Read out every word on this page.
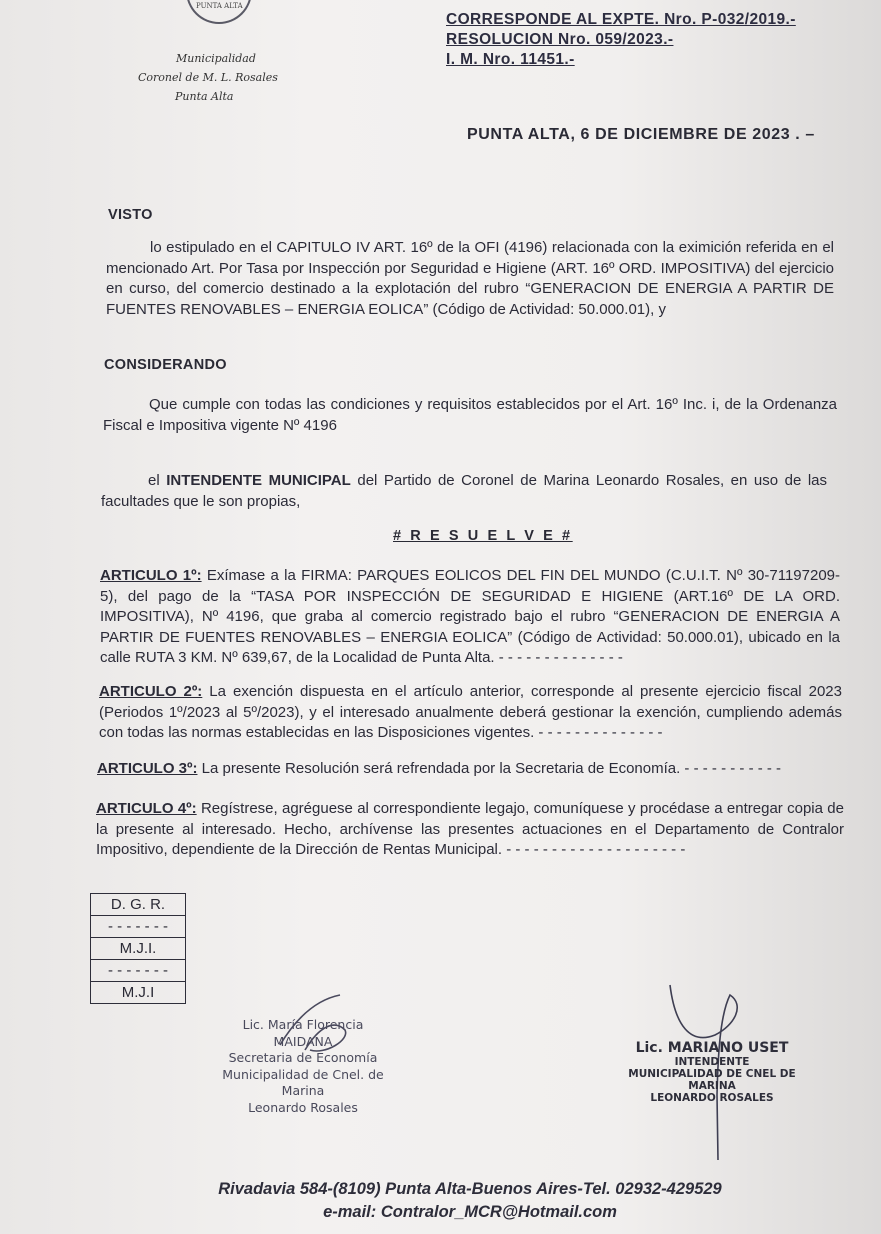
PUNTA ALTA
Municipalidad
Coronel de M. L. Rosales
Punta Alta
CORRESPONDE AL EXPTE. Nro. P-032/2019.-
RESOLUCION Nro. 059/2023.-
I. M. Nro. 11451.-
PUNTA ALTA, 6 DE DICIEMBRE DE 2023 . –
VISTO
lo estipulado en el CAPITULO IV ART. 16º de la OFI (4196) relacionada con la eximición referida en el mencionado Art. Por Tasa por Inspección por Seguridad e Higiene (ART. 16º ORD. IMPOSITIVA) del ejercicio en curso, del comercio destinado a la explotación del rubro “GENERACION DE ENERGIA A PARTIR DE FUENTES RENOVABLES – ENERGIA EOLICA” (Código de Actividad: 50.000.01), y
CONSIDERANDO
Que cumple con todas las condiciones y requisitos establecidos por el Art. 16º Inc. i, de la Ordenanza Fiscal e Impositiva vigente Nº 4196
el INTENDENTE MUNICIPAL del Partido de Coronel de Marina Leonardo Rosales, en uso de las facultades que le son propias,
# R E S U E L V E #
ARTICULO 1º: Exímase a la FIRMA: PARQUES EOLICOS DEL FIN DEL MUNDO (C.U.I.T. Nº 30-71197209-5), del pago de la “TASA POR INSPECCIÓN DE SEGURIDAD E HIGIENE (ART.16º DE LA ORD. IMPOSITIVA), Nº 4196, que graba al comercio registrado bajo el rubro “GENERACION DE ENERGIA A PARTIR DE FUENTES RENOVABLES – ENERGIA EOLICA” (Código de Actividad: 50.000.01), ubicado en la calle RUTA 3 KM. Nº 639,67, de la Localidad de Punta Alta. - - - - - - - - - - - - - -
ARTICULO 2º: La exención dispuesta en el artículo anterior, corresponde al presente ejercicio fiscal 2023 (Periodos 1º/2023 al 5º/2023), y el interesado anualmente deberá gestionar la exención, cumpliendo además con todas las normas establecidas en las Disposiciones vigentes. - - - - - - - - - - - - - -
ARTICULO 3º: La presente Resolución será refrendada por la Secretaria de Economía. - - - - - - - - - - -
ARTICULO 4º: Regístrese, agréguese al correspondiente legajo, comuníquese y procédase a entregar copia de la presente al interesado. Hecho, archívense las presentes actuaciones en el Departamento de Contralor Impositivo, dependiente de la Dirección de Rentas Municipal. - - - - - - - - - - - - - - - - - - - -
D. G. R.
- - - - - - -
M.J.I.
- - - - - - -
M.J.I
Lic. María Florencia MAIDANA
Secretaria de Economía
Municipalidad de Cnel. de Marina
Leonardo Rosales
Lic. MARIANO USET
INTENDENTE
MUNICIPALIDAD DE CNEL DE MARINA
LEONARDO ROSALES
Rivadavia 584-(8109) Punta Alta-Buenos Aires-Tel. 02932-429529
e-mail: Contralor_MCR@Hotmail.com
